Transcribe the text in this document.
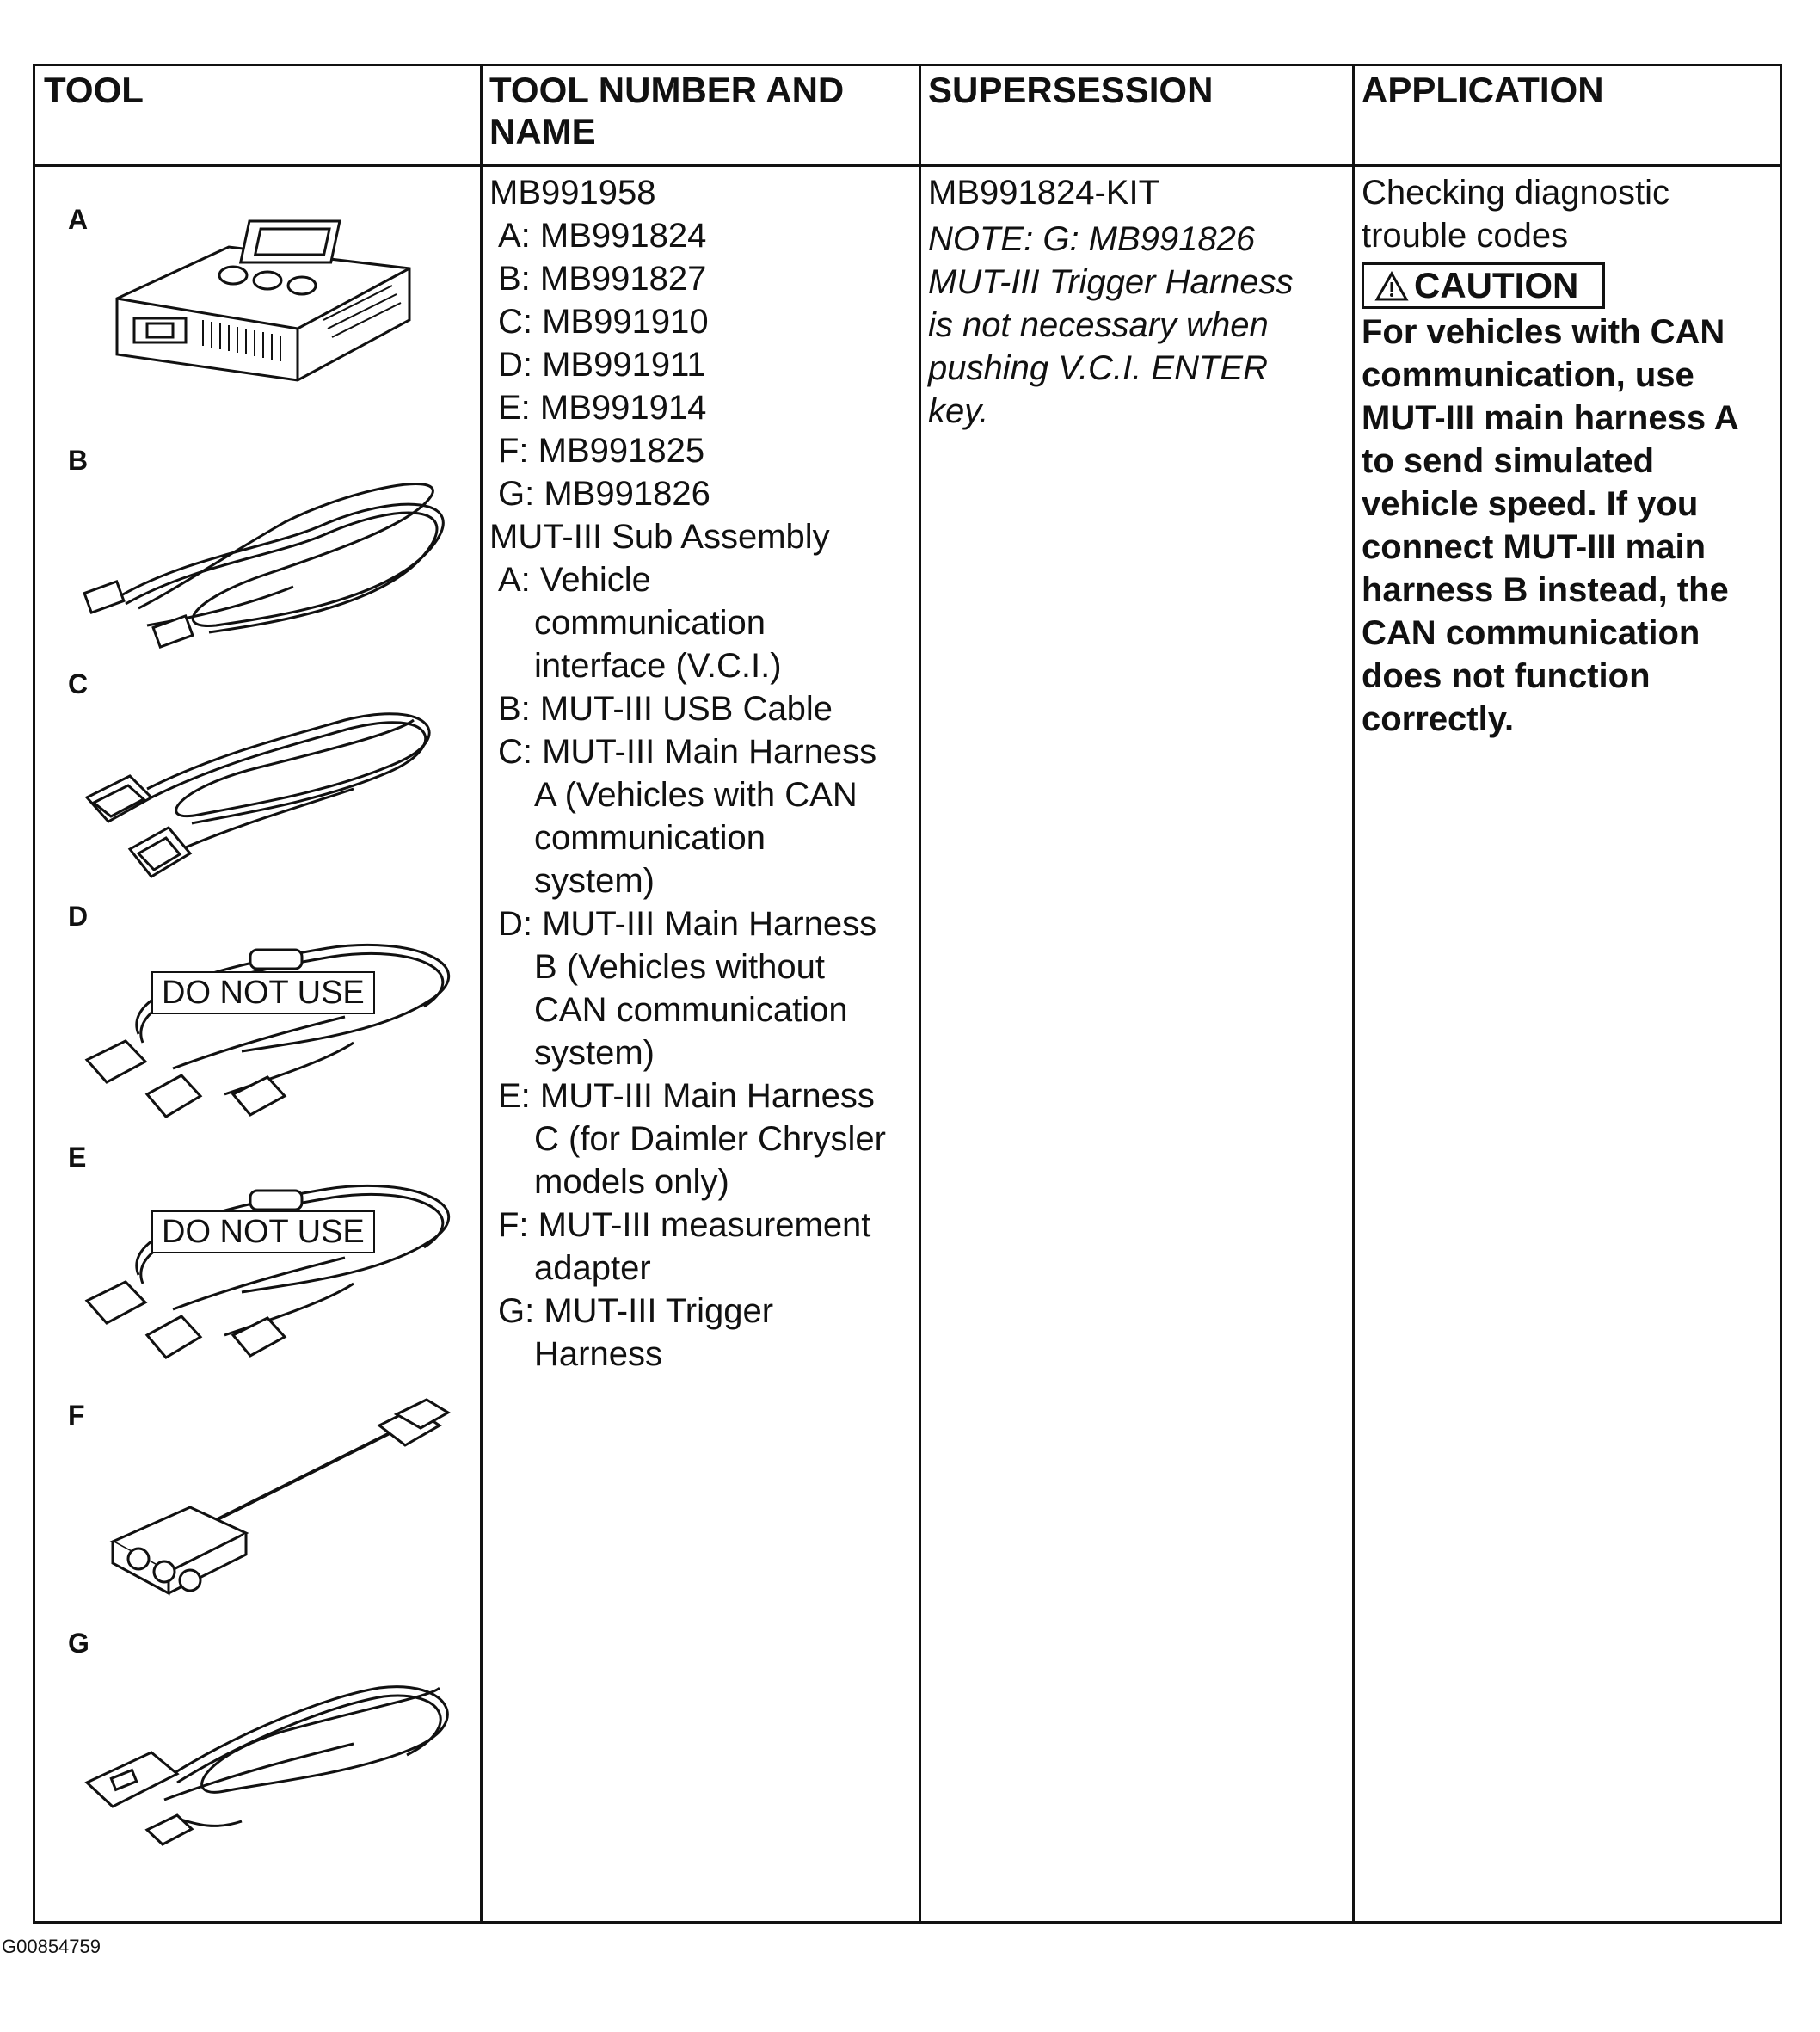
TOOL	TOOL NUMBER AND
NAME
SUPERSESSION	APPLICATION
A
B
C
D
E
F
G
DO NOT USE
DO NOT USE
MB991958
A: MB991824
B: MB991827
C: MB991910
D: MB991911
E: MB991914
F: MB991825
G: MB991826
MUT-III Sub Assembly
A: Vehicle
communication
interface (V.C.I.)
B: MUT-III USB Cable
C: MUT-III Main Harness
A (Vehicles with CAN
communication
system)
D: MUT-III Main Harness
B (Vehicles without
CAN communication
system)
E: MUT-III Main Harness
C (for Daimler Chrysler
models only)
F: MUT-III measurement
adapter
G: MUT-III Trigger
Harness
MB991824-KIT
NOTE: G: MB991826
MUT-III Trigger Harness
is not necessary when
pushing V.C.I. ENTER
key.
Checking diagnostic
trouble codes
CAUTION
For vehicles with CAN
communication, use
MUT-III main harness A
to send simulated
vehicle speed. If you
connect MUT-III main
harness B instead, the
CAN communication
does not function
correctly.
G00854759
